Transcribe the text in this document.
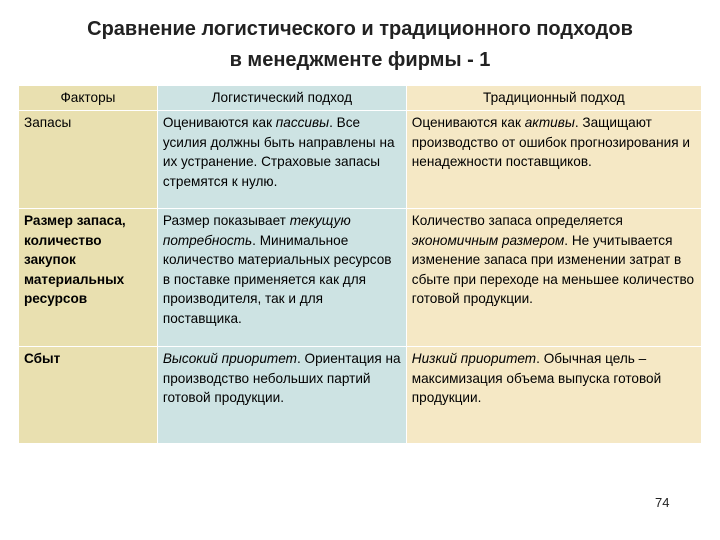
Сравнение логистического и традиционного подходов
в менеджменте фирмы - 1
Факторы	Логистический подход	Традиционный подход
Запасы	Оцениваются как пассивы. Все усилия должны быть направлены на их устранение. Страховые запасы стремятся к нулю.	Оцениваются как активы. Защищают производство от ошибок прогнозирования и ненадежности поставщиков.
Размер запаса, количество закупок материальных ресурсов	Размер показывает текущую потребность. Минимальное количество материальных ресурсов в поставке применяется как для производителя, так и для поставщика.	Количество запаса определяется экономичным размером. Не учитывается изменение запаса при изменении затрат в сбыте при переходе на меньшее количество готовой продукции.
Сбыт	Высокий приоритет. Ориентация на производство небольших партий готовой продукции.	Низкий приоритет. Обычная цель – максимизация объема выпуска готовой продукции.
74
